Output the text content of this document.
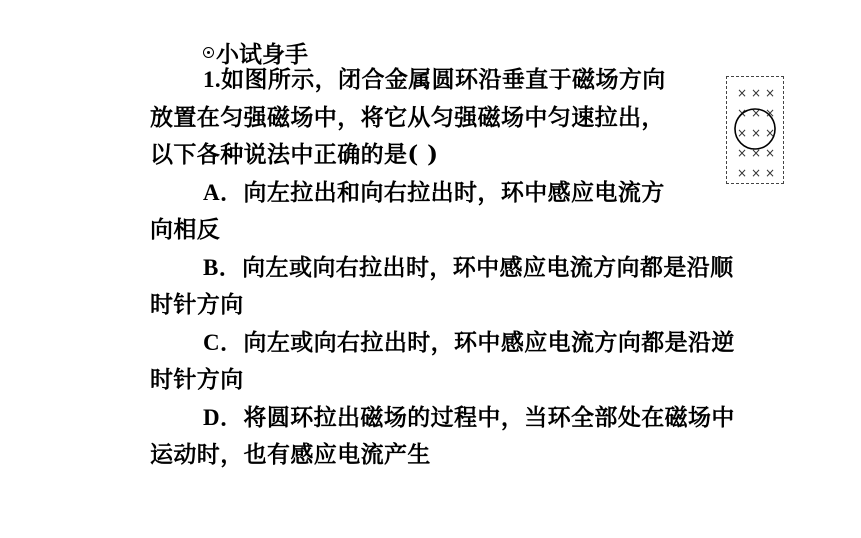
小试身手
1.如图所示，闭合金属圆环沿垂直于磁场方向
放置在匀强磁场中，将它从匀强磁场中匀速拉出，
以下各种说法中正确的是( )
A．向左拉出和向右拉出时，环中感应电流方
向相反
B．向左或向右拉出时，环中感应电流方向都是沿顺
时针方向
C．向左或向右拉出时，环中感应电流方向都是沿逆
时针方向
D．将圆环拉出磁场的过程中，当环全部处在磁场中
运动时，也有感应电流产生
× × ×
× × ×
× × ×
× × ×
× × ×
